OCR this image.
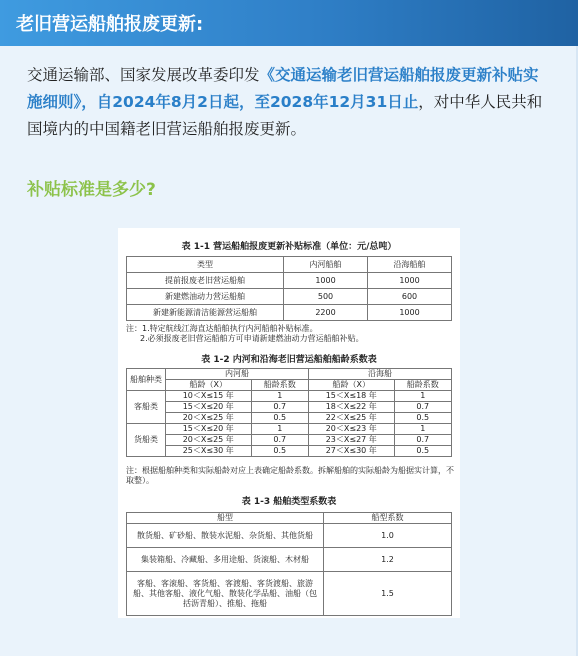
老旧营运船舶报废更新:
交通运输部、国家发展改革委印发《交通运输老旧营运船舶报废更新补贴实施细则》，自2024年8月2日起，至2028年12月31日止，对中华人民共和国境内的中国籍老旧营运船舶报废更新。
补贴标准是多少?
表 1-1 营运船舶报废更新补贴标准（单位：元/总吨）
类型	内河船舶	沿海船舶
提前报废老旧营运船舶	1000	1000
新建燃油动力营运船舶	500	600
新建新能源清洁能源营运船舶	2200	1000
注：1.特定航线江海直达船舶执行内河船舶补贴标准。
2.必须报废老旧营运船舶方可申请新建燃油动力营运船舶补贴。
表 1-2 内河和沿海老旧营运船舶船龄系数表
船舶种类	内河船		沿海船	
	船龄（X）	船龄系数	船龄（X）	船龄系数
客船类	10＜X≤15 年	1	15＜X≤18 年	1
	15＜X≤20 年	0.7	18＜X≤22 年	0.7
	20＜X≤25 年	0.5	22＜X≤25 年	0.5
货船类	15＜X≤20 年	1	20＜X≤23 年	1
	20＜X≤25 年	0.7	23＜X≤27 年	0.7
	25＜X≤30 年	0.5	27＜X≤30 年	0.5
注：根据船舶种类和实际船龄对应上表确定船龄系数。拆解船舶的实际船龄为船据实计算，不取整）。
表 1-3 船舶类型系数表
船型	船型系数
散货船、矿砂船、散装水泥船、杂货船、其他货船	1.0
集装箱船、冷藏船、多用途船、货滚船、木材船	1.2
客船、客滚船、客货船、客渡船、客货渡船、旅游船、其他客船、液化气船、散装化学品船、油船（包括沥青船）、推船、拖船	1.5
